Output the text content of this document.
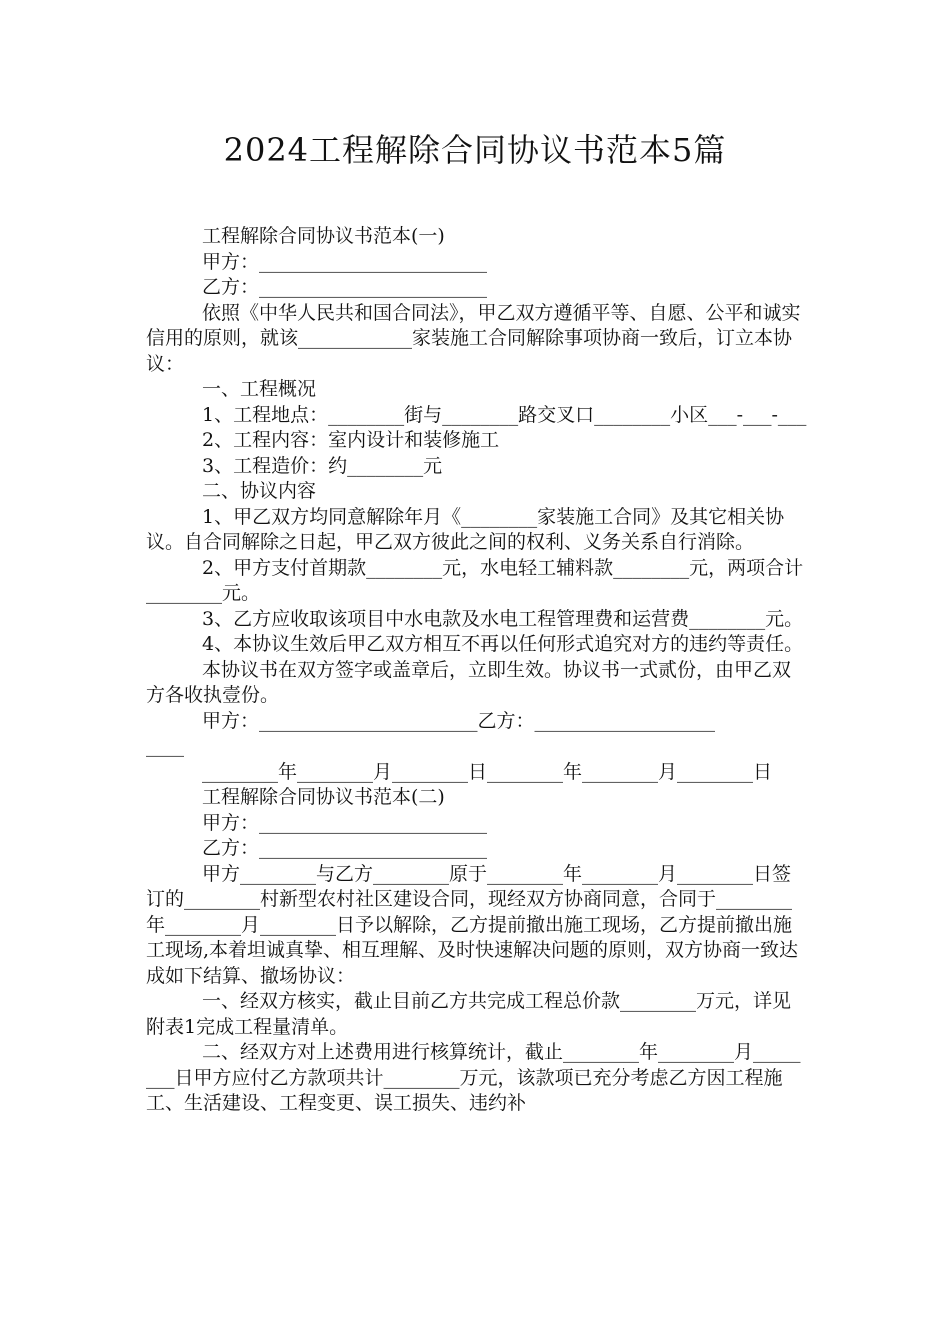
2024工程解除合同协议书范本5篇

工程解除合同协议书范本(一)

甲方：________________________

乙方：________________________

依照《中华人民共和国合同法》，甲乙双方遵循平等、自愿、公平和诚实信用的原则，就该____________家装施工合同解除事项协商一致后，订立本协议：

一、工程概况

1、工程地点：________街与________路交叉口________小区___-___-___

2、工程内容：室内设计和装修施工

3、工程造价：约________元

二、协议内容

1、甲乙双方均同意解除年月《________家装施工合同》及其它相关协议。自合同解除之日起，甲乙双方彼此之间的权利、义务关系自行消除。

2、甲方支付首期款________元，水电轻工辅料款________元，两项合计________元。

3、乙方应收取该项目中水电款及水电工程管理费和运营费________元。

4、本协议生效后甲乙双方相互不再以任何形式追究对方的违约等责任。

本协议书在双方签字或盖章后，立即生效。协议书一式贰份，由甲乙双方各收执壹份。

甲方：_______________________乙方：___________________

____

________年________月________日________年________月________日

工程解除合同协议书范本(二)

甲方：________________________

乙方：________________________

甲方________与乙方________原于________年________月________日签订的________村新型农村社区建设合同，现经双方协商同意，合同于________年________月________日予以解除，乙方提前撤出施工现场，乙方提前撤出施工现场,本着坦诚真挚、相互理解、及时快速解决问题的原则，双方协商一致达成如下结算、撤场协议：

一、经双方核实，截止目前乙方共完成工程总价款________万元，详见附表1完成工程量清单。

二、经双方对上述费用进行核算统计，截止________年________月________日甲方应付乙方款项共计________万元，该款项已充分考虑乙方因工程施工、生活建设、工程变更、误工损失、违约补
